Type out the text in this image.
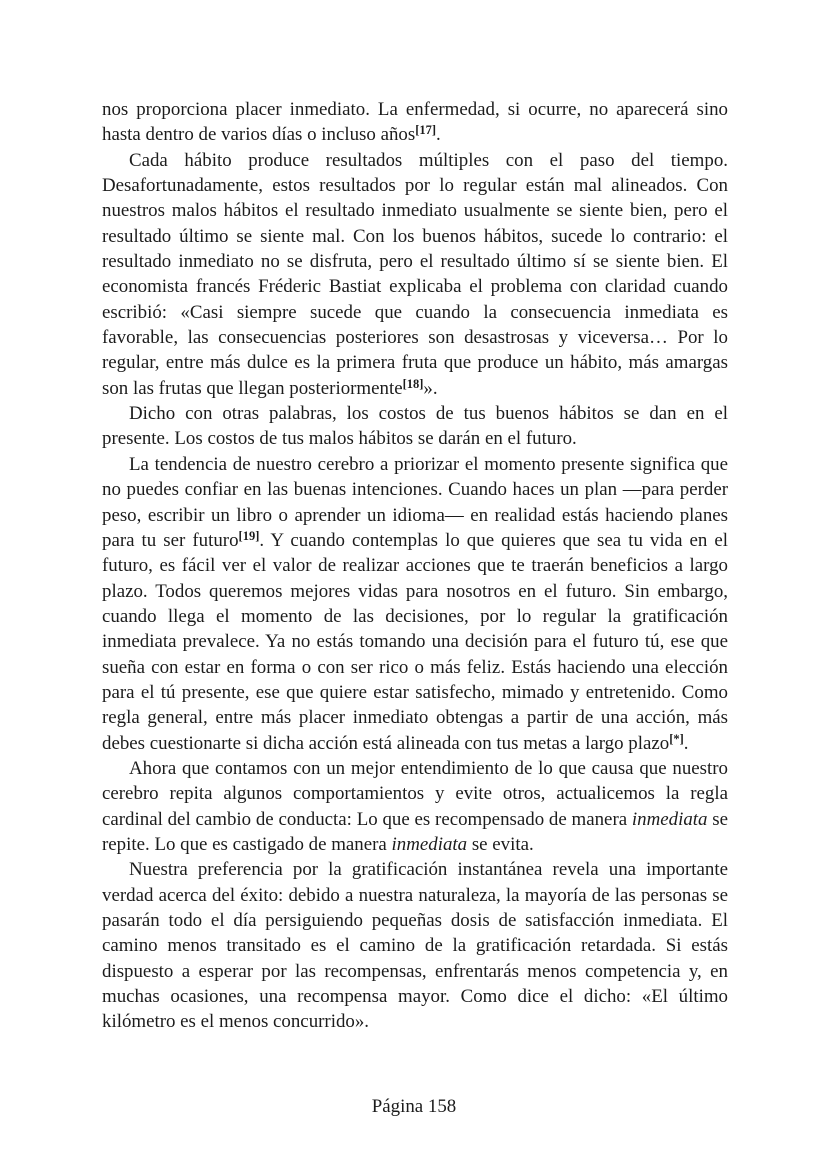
nos proporciona placer inmediato. La enfermedad, si ocurre, no aparecerá sino hasta dentro de varios días o incluso años[17].

Cada hábito produce resultados múltiples con el paso del tiempo. Desafortunadamente, estos resultados por lo regular están mal alineados. Con nuestros malos hábitos el resultado inmediato usualmente se siente bien, pero el resultado último se siente mal. Con los buenos hábitos, sucede lo contrario: el resultado inmediato no se disfruta, pero el resultado último sí se siente bien. El economista francés Fréderic Bastiat explicaba el problema con claridad cuando escribió: «Casi siempre sucede que cuando la consecuencia inmediata es favorable, las consecuencias posteriores son desastrosas y viceversa… Por lo regular, entre más dulce es la primera fruta que produce un hábito, más amargas son las frutas que llegan posteriormente[18]».

Dicho con otras palabras, los costos de tus buenos hábitos se dan en el presente. Los costos de tus malos hábitos se darán en el futuro.

La tendencia de nuestro cerebro a priorizar el momento presente significa que no puedes confiar en las buenas intenciones. Cuando haces un plan —para perder peso, escribir un libro o aprender un idioma— en realidad estás haciendo planes para tu ser futuro[19]. Y cuando contemplas lo que quieres que sea tu vida en el futuro, es fácil ver el valor de realizar acciones que te traerán beneficios a largo plazo. Todos queremos mejores vidas para nosotros en el futuro. Sin embargo, cuando llega el momento de las decisiones, por lo regular la gratificación inmediata prevalece. Ya no estás tomando una decisión para el futuro tú, ese que sueña con estar en forma o con ser rico o más feliz. Estás haciendo una elección para el tú presente, ese que quiere estar satisfecho, mimado y entretenido. Como regla general, entre más placer inmediato obtengas a partir de una acción, más debes cuestionarte si dicha acción está alineada con tus metas a largo plazo[*].

Ahora que contamos con un mejor entendimiento de lo que causa que nuestro cerebro repita algunos comportamientos y evite otros, actualicemos la regla cardinal del cambio de conducta: Lo que es recompensado de manera inmediata se repite. Lo que es castigado de manera inmediata se evita.

Nuestra preferencia por la gratificación instantánea revela una importante verdad acerca del éxito: debido a nuestra naturaleza, la mayoría de las personas se pasarán todo el día persiguiendo pequeñas dosis de satisfacción inmediata. El camino menos transitado es el camino de la gratificación retardada. Si estás dispuesto a esperar por las recompensas, enfrentarás menos competencia y, en muchas ocasiones, una recompensa mayor. Como dice el dicho: «El último kilómetro es el menos concurrido».

Página 158
